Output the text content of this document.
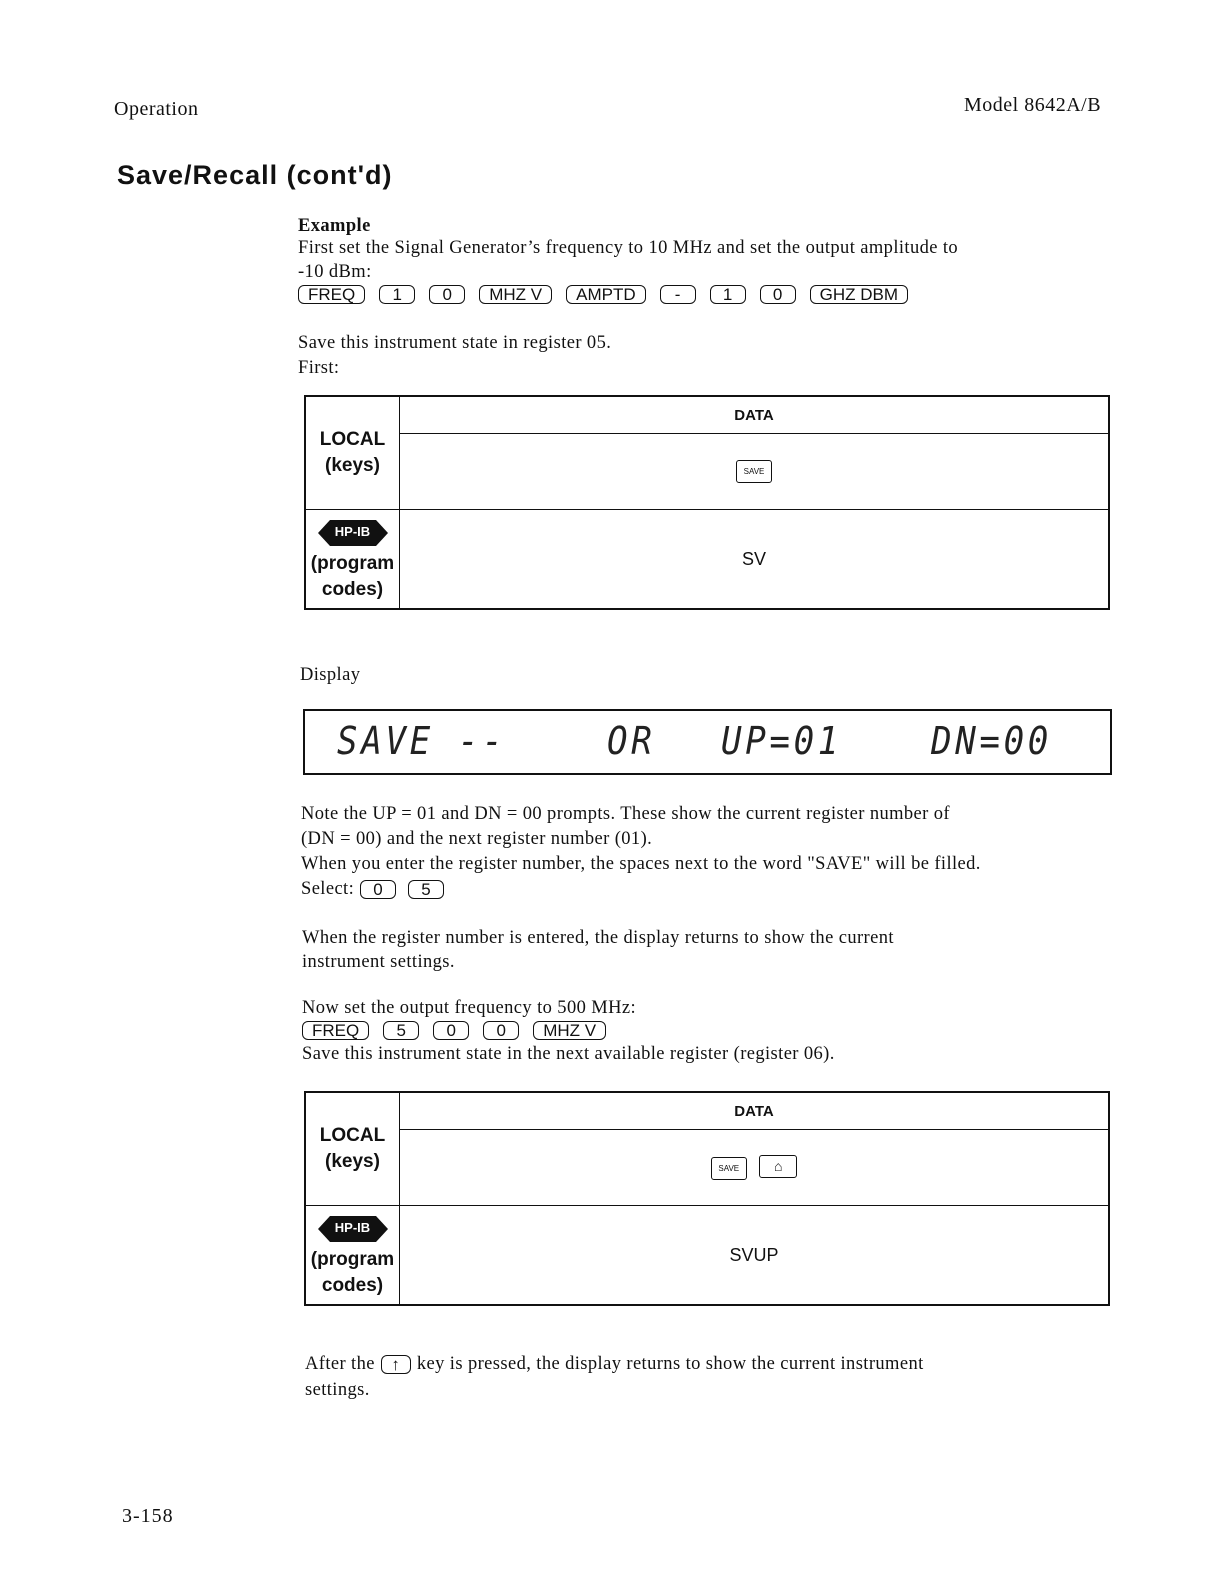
Operation	Model 8642A/B
Save/Recall (cont'd)
Example
First set the Signal Generator’s frequency to 10 MHz and set the output amplitude to
-10 dBm:
FREQ	1	0	MHZ V	AMPTD	-	1	0	GHZ DBM
Save this instrument state in register 05.
First:
LOCAL
(keys)	DATA
	SAVE

HP-IB
(program
codes)	SV
Display
SAVE --	OR UP=01 DN=00
Note the UP = 01 and DN = 00 prompts. These show the current register number of
(DN = 00) and the next register number (01).
When you enter the register number, the spaces next to the word "SAVE" will be filled.
Select:	0	5
When the register number is entered, the display returns to show the current
instrument settings.
Now set the output frequency to 500 MHz:
FREQ	5	0	0	MHZ V
Save this instrument state in the next available register (register 06).
LOCAL
(keys)	DATA
	SAVE ⌂

HP-IB
(program
codes)	SVUP
After the ↑ key is pressed, the display returns to show the current instrument
settings.
3-158
